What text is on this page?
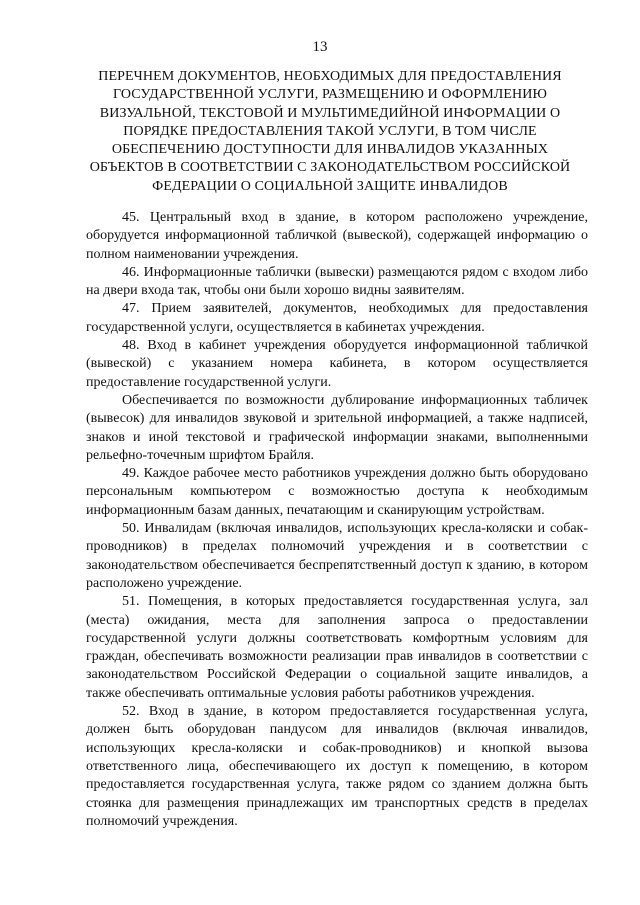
13
ПЕРЕЧНЕМ ДОКУМЕНТОВ, НЕОБХОДИМЫХ ДЛЯ ПРЕДОСТАВЛЕНИЯ ГОСУДАРСТВЕННОЙ УСЛУГИ, РАЗМЕЩЕНИЮ И ОФОРМЛЕНИЮ ВИЗУАЛЬНОЙ, ТЕКСТОВОЙ И МУЛЬТИМЕДИЙНОЙ ИНФОРМАЦИИ О ПОРЯДКЕ ПРЕДОСТАВЛЕНИЯ ТАКОЙ УСЛУГИ, В ТОМ ЧИСЛЕ ОБЕСПЕЧЕНИЮ ДОСТУПНОСТИ ДЛЯ ИНВАЛИДОВ УКАЗАННЫХ ОБЪЕКТОВ В СООТВЕТСТВИИ С ЗАКОНОДАТЕЛЬСТВОМ РОССИЙСКОЙ ФЕДЕРАЦИИ О СОЦИАЛЬНОЙ ЗАЩИТЕ ИНВАЛИДОВ

45. Центральный вход в здание, в котором расположено учреждение, оборудуется информационной табличкой (вывеской), содержащей информацию о полном наименовании учреждения.

46. Информационные таблички (вывески) размещаются рядом с входом либо на двери входа так, чтобы они были хорошо видны заявителям.

47. Прием заявителей, документов, необходимых для предоставления государственной услуги, осуществляется в кабинетах учреждения.

48. Вход в кабинет учреждения оборудуется информационной табличкой (вывеской) с указанием номера кабинета, в котором осуществляется предоставление государственной услуги.

Обеспечивается по возможности дублирование информационных табличек (вывесок) для инвалидов звуковой и зрительной информацией, а также надписей, знаков и иной текстовой и графической информации знаками, выполненными рельефно-точечным шрифтом Брайля.

49. Каждое рабочее место работников учреждения должно быть оборудовано персональным компьютером с возможностью доступа к необходимым информационным базам данных, печатающим и сканирующим устройствам.

50. Инвалидам (включая инвалидов, использующих кресла-коляски и собак-проводников) в пределах полномочий учреждения и в соответствии с законодательством обеспечивается беспрепятственный доступ к зданию, в котором расположено учреждение.

51. Помещения, в которых предоставляется государственная услуга, зал (места) ожидания, места для заполнения запроса о предоставлении государственной услуги должны соответствовать комфортным условиям для граждан, обеспечивать возможности реализации прав инвалидов в соответствии с законодательством Российской Федерации о социальной защите инвалидов, а также обеспечивать оптимальные условия работы работников учреждения.

52. Вход в здание, в котором предоставляется государственная услуга, должен быть оборудован пандусом для инвалидов (включая инвалидов, использующих кресла-коляски и собак-проводников) и кнопкой вызова ответственного лица, обеспечивающего их доступ к помещению, в котором предоставляется государственная услуга, также рядом со зданием должна быть стоянка для размещения принадлежащих им транспортных средств в пределах полномочий учреждения.
